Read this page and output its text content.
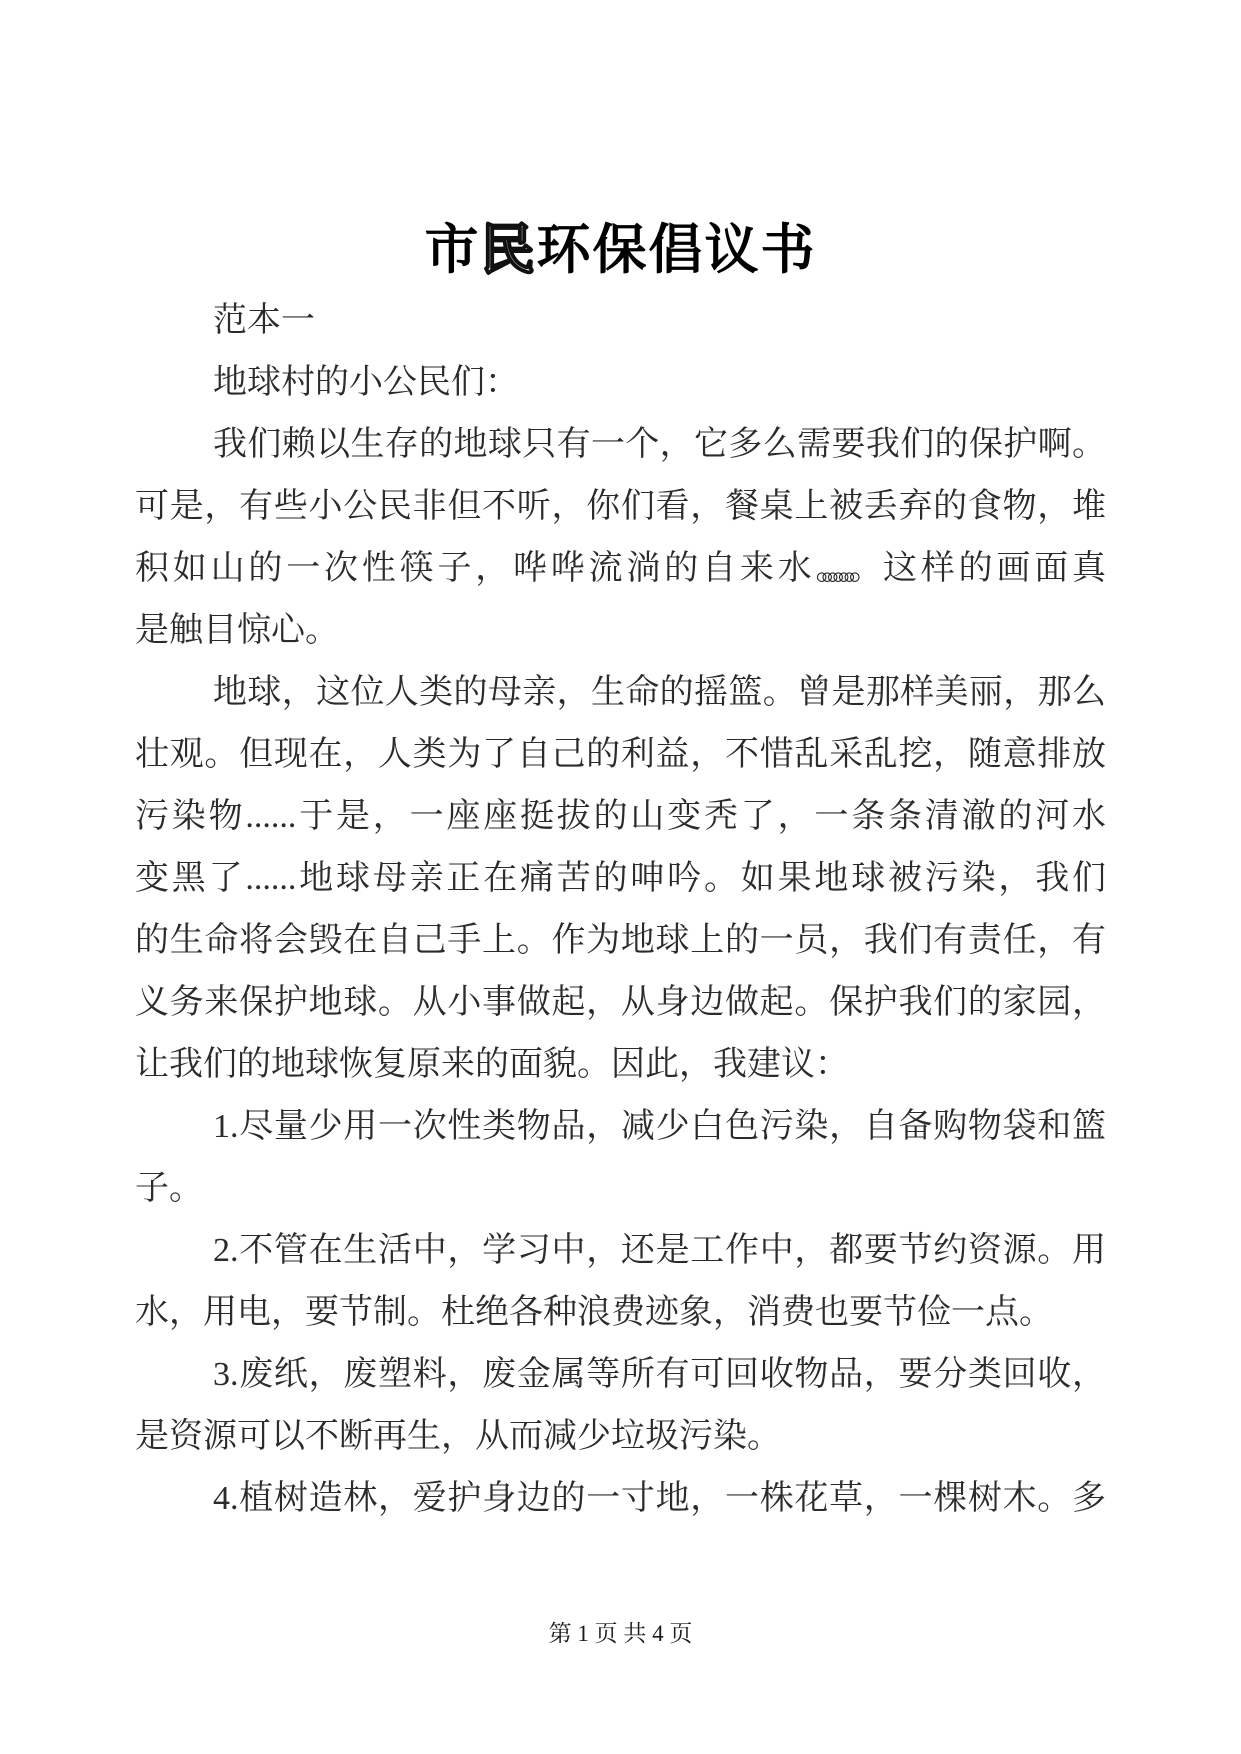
市民环保倡议书
范本一
地球村的小公民们：
我们赖以生存的地球只有一个，它多么需要我们的保护啊。
可是，有些小公民非但不听，你们看，餐桌上被丢弃的食物，堆
积如山的一次性筷子，哗哗流淌的自来水。。。。。。。 这样的画面真
是触目惊心。
地球，这位人类的母亲，生命的摇篮。曾是那样美丽，那么
壮观。但现在，人类为了自己的利益，不惜乱采乱挖，随意排放
污染物......于是，一座座挺拔的山变秃了，一条条清澈的河水
变黑了......地球母亲正在痛苦的呻吟。如果地球被污染，我们
的生命将会毁在自己手上。作为地球上的一员，我们有责任，有
义务来保护地球。从小事做起，从身边做起。保护我们的家园，
让我们的地球恢复原来的面貌。因此，我建议：
1.尽量少用一次性类物品，减少白色污染，自备购物袋和篮
子。
2.不管在生活中，学习中，还是工作中，都要节约资源。用
水，用电，要节制。杜绝各种浪费迹象，消费也要节俭一点。
3.废纸，废塑料，废金属等所有可回收物品，要分类回收，
是资源可以不断再生，从而减少垃圾污染。
4.植树造林，爱护身边的一寸地，一株花草，一棵树木。多
第 1 页 共 4 页
